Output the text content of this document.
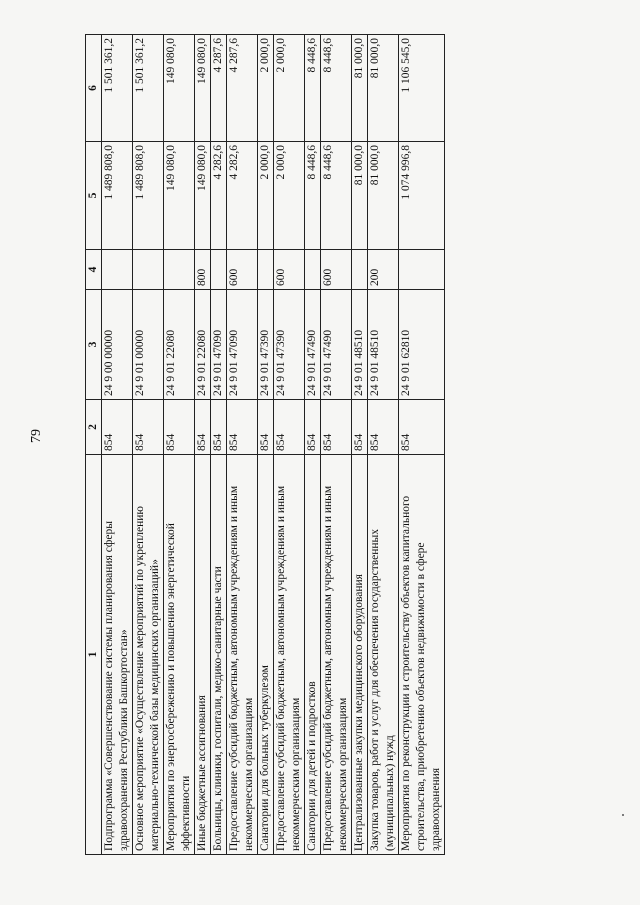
79
1	2	3	4	5	6
Подпрограмма «Совершенствование системы планирования сферы здравоохранения Республики Башкортостан»	854	24 9 00 00000		1 489 808,0	1 501 361,2
Основное мероприятие «Осуществление мероприятий по укреплению материально-технической базы медицинских организаций»	854	24 9 01 00000		1 489 808,0	1 501 361,2
Мероприятия по энергосбережению и повышению энергетической эффективности	854	24 9 01 22080		149 080,0	149 080,0
Иные бюджетные ассигнования	854	24 9 01 22080	800	149 080,0	149 080,0
Больницы, клиники, госпитали, медико-санитарные части	854	24 9 01 47090		4 282,6	4 287,6
Предоставление субсидий бюджетным, автономным учреждениям и иным некоммерческим организациям	854	24 9 01 47090	600	4 282,6	4 287,6
Санатории для больных туберкулезом	854	24 9 01 47390		2 000,0	2 000,0
Предоставление субсидий бюджетным, автономным учреждениям и иным некоммерческим организациям	854	24 9 01 47390	600	2 000,0	2 000,0
Санатории для детей и подростков	854	24 9 01 47490		8 448,6	8 448,6
Предоставление субсидий бюджетным, автономным учреждениям и иным некоммерческим организациям	854	24 9 01 47490	600	8 448,6	8 448,6
Централизованные закупки медицинского оборудования	854	24 9 01 48510		81 000,0	81 000,0
Закупка товаров, работ и услуг для обеспечения государственных (муниципальных) нужд	854	24 9 01 48510	200	81 000,0	81 000,0
Мероприятия по реконструкции и строительству объектов капитального строительства, приобретению объектов недвижимости в сфере здравоохранения	854	24 9 01 62810		1 074 996,8	1 106 545,0
